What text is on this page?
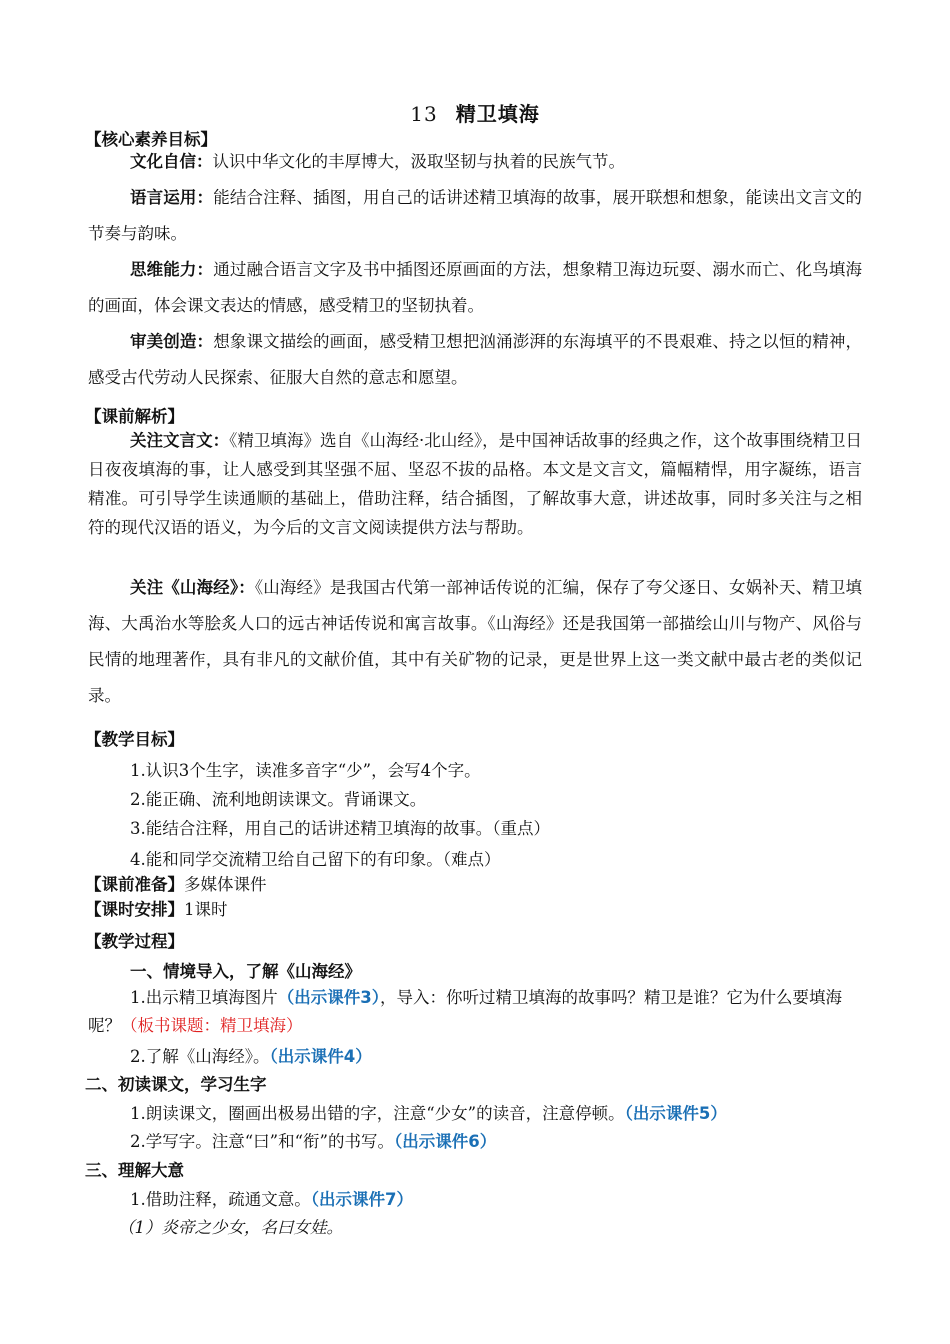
13 精卫填海
【核心素养目标】
文化自信：认识中华文化的丰厚博大，汲取坚韧与执着的民族气节。
语言运用：能结合注释、插图，用自己的话讲述精卫填海的故事，展开联想和想象，能读出文言文的节奏与韵味。
思维能力：通过融合语言文字及书中插图还原画面的方法，想象精卫海边玩耍、溺水而亡、化鸟填海的画面，体会课文表达的情感，感受精卫的坚韧执着。
审美创造：想象课文描绘的画面，感受精卫想把汹涌澎湃的东海填平的不畏艰难、持之以恒的精神，感受古代劳动人民探索、征服大自然的意志和愿望。
【课前解析】
关注文言文：《精卫填海》选自《山海经·北山经》，是中国神话故事的经典之作，这个故事围绕精卫日日夜夜填海的事，让人感受到其坚强不屈、坚忍不拔的品格。本文是文言文，篇幅精悍，用字凝练，语言精准。可引导学生读通顺的基础上，借助注释，结合插图，了解故事大意，讲述故事，同时多关注与之相符的现代汉语的语义，为今后的文言文阅读提供方法与帮助。
关注《山海经》：《山海经》是我国古代第一部神话传说的汇编，保存了夸父逐日、女娲补天、精卫填海、大禹治水等脍炙人口的远古神话传说和寓言故事。《山海经》还是我国第一部描绘山川与物产、风俗与民情的地理著作，具有非凡的文献价值，其中有关矿物的记录，更是世界上这一类文献中最古老的类似记录。
【教学目标】
1.认识3个生字，读准多音字“少”，会写4个字。
2.能正确、流利地朗读课文。背诵课文。
3.能结合注释，用自己的话讲述精卫填海的故事。（重点）
4.能和同学交流精卫给自己留下的有印象。（难点）
【课前准备】多媒体课件
【课时安排】1课时
【教学过程】
一、情境导入，了解《山海经》
1.出示精卫填海图片（出示课件3），导入：你听过精卫填海的故事吗？精卫是谁？它为什么要填海呢？（板书课题：精卫填海）
2.了解《山海经》。（出示课件4）
二、初读课文，学习生字
1.朗读课文，圈画出极易出错的字，注意“少女”的读音，注意停顿。（出示课件5）
2.学写字。注意“曰”和“衔”的书写。（出示课件6）
三、理解大意
1.借助注释，疏通文意。（出示课件7）
（1）炎帝之少女，名曰女娃。
